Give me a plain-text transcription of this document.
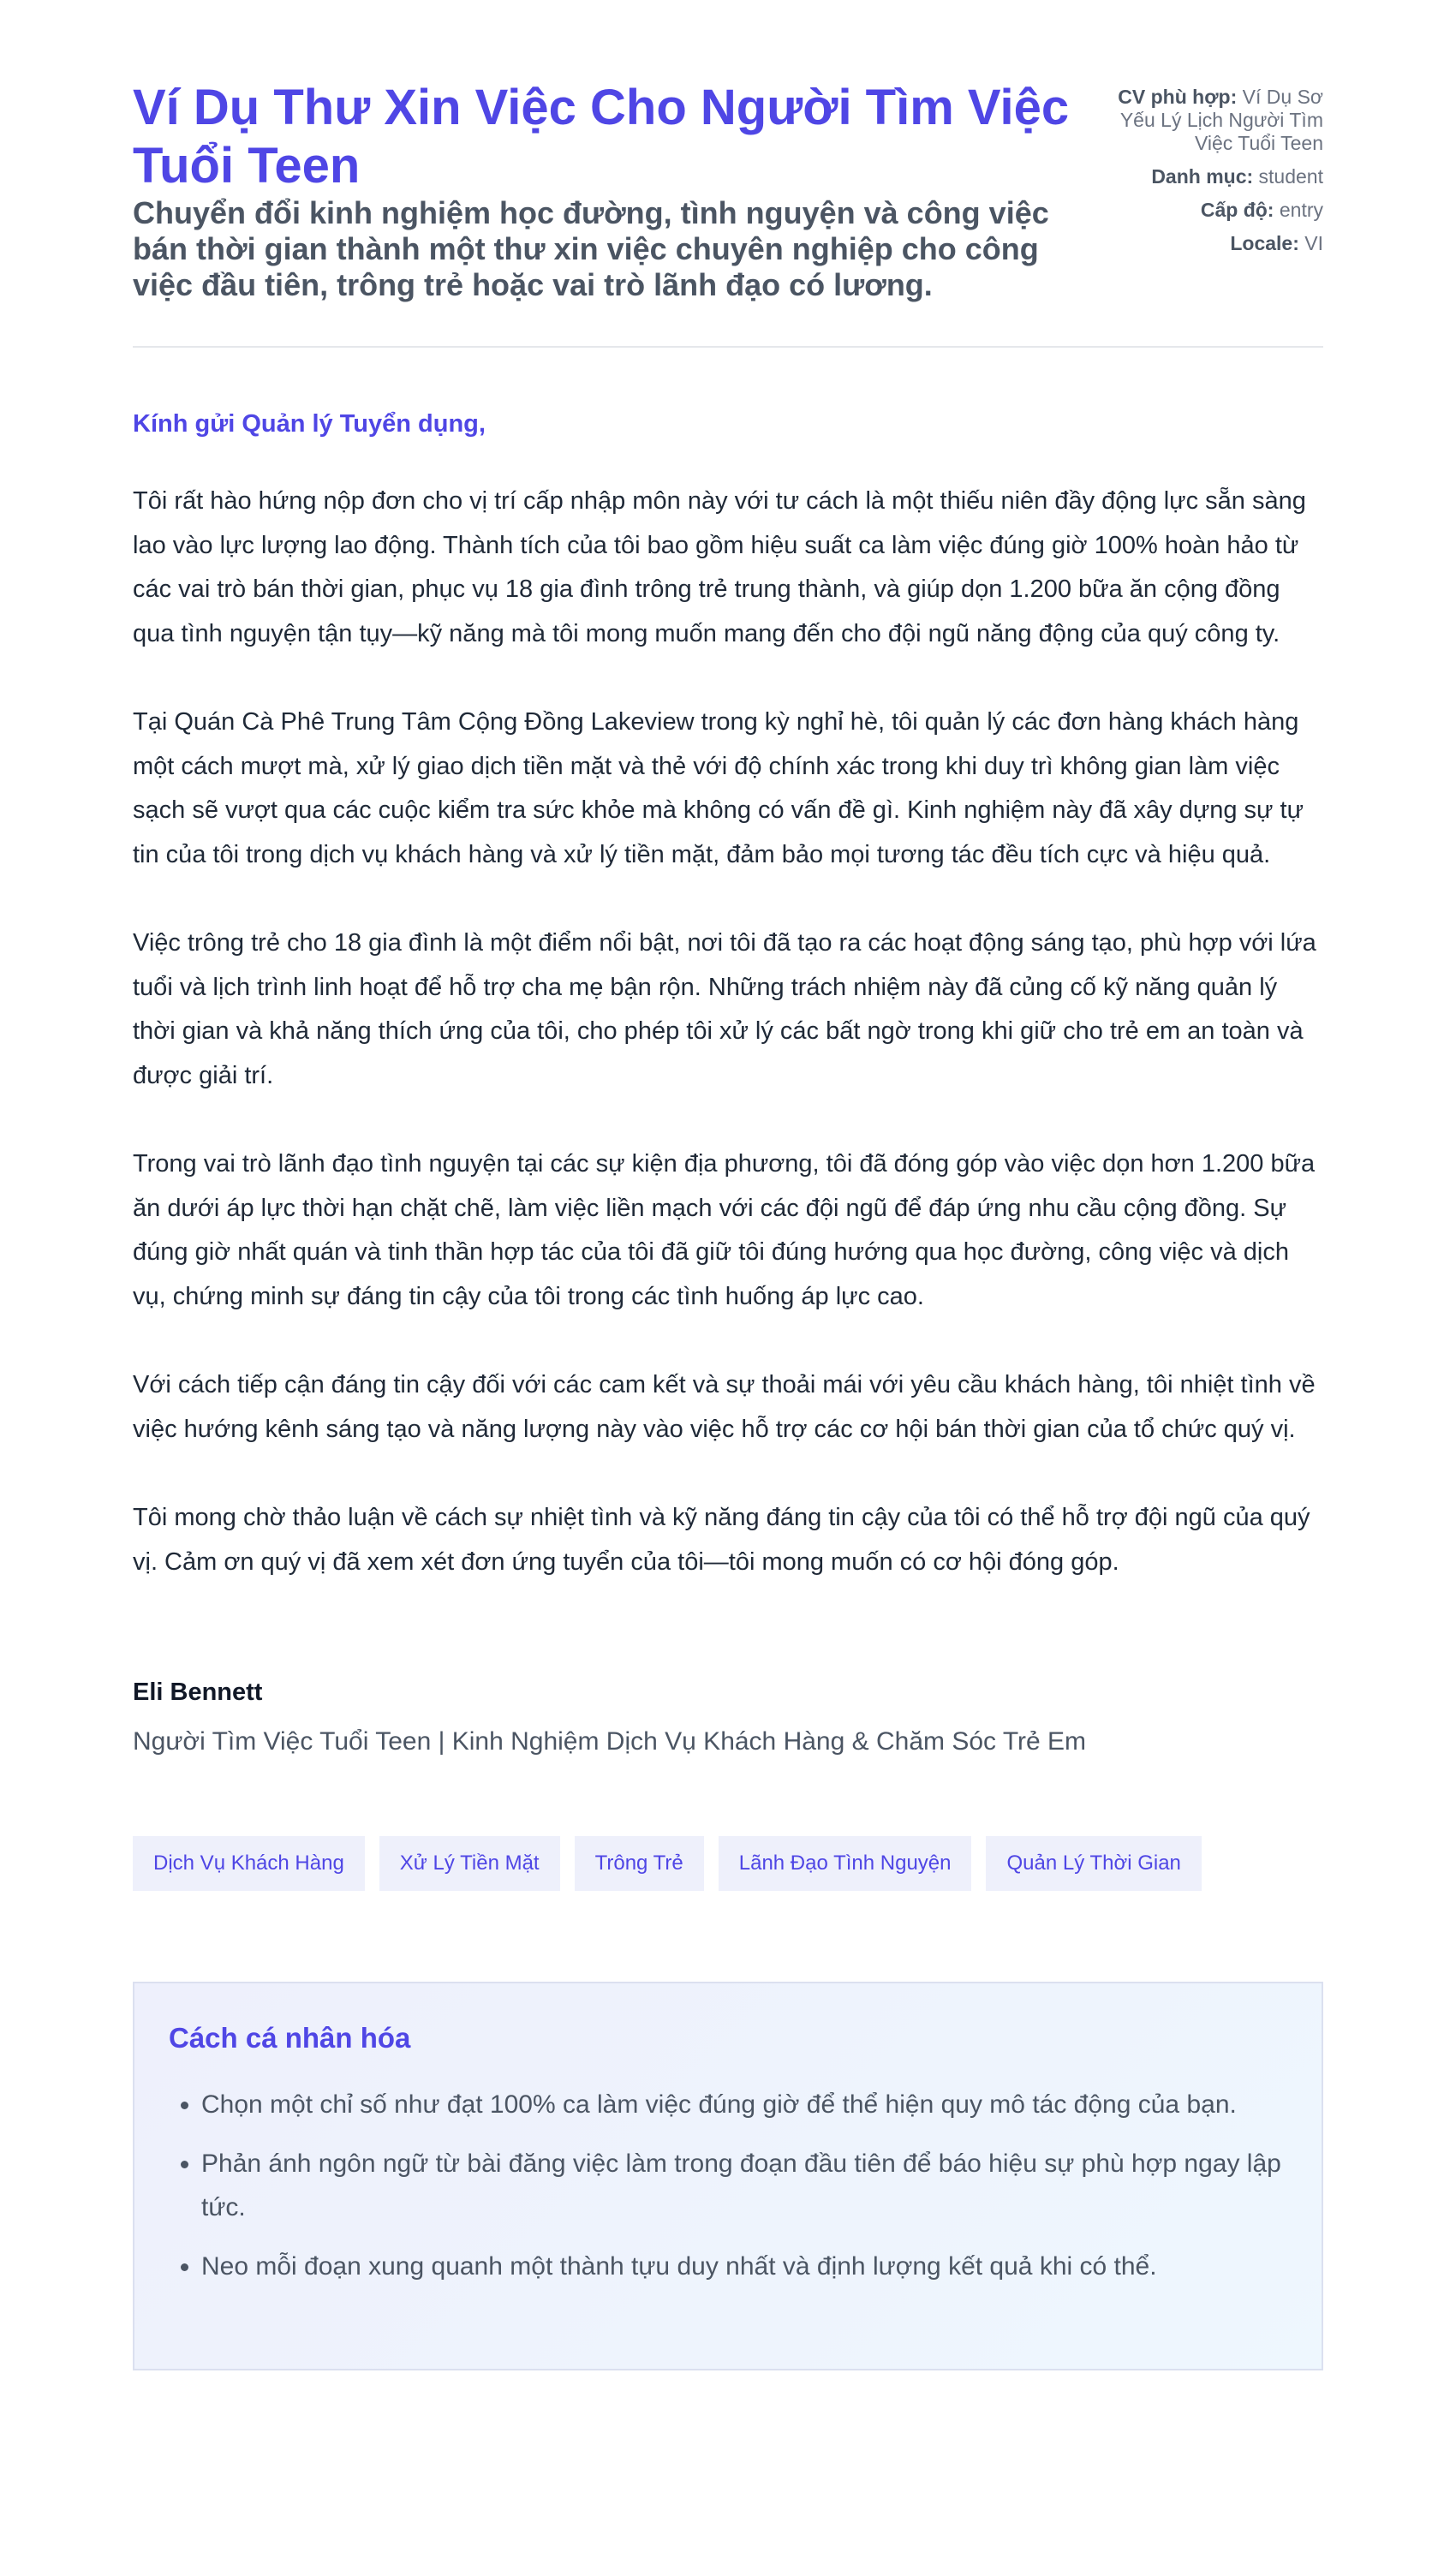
Ví Dụ Thư Xin Việc Cho Người Tìm Việc Tuổi Teen

Chuyển đổi kinh nghiệm học đường, tình nguyện và công việc bán thời gian thành một thư xin việc chuyên nghiệp cho công việc đầu tiên, trông trẻ hoặc vai trò lãnh đạo có lương.

CV phù hợp: Ví Dụ Sơ Yếu Lý Lịch Người Tìm Việc Tuổi Teen
Danh mục: student
Cấp độ: entry
Locale: VI

Kính gửi Quản lý Tuyển dụng,

Tôi rất hào hứng nộp đơn cho vị trí cấp nhập môn này với tư cách là một thiếu niên đầy động lực sẵn sàng lao vào lực lượng lao động. Thành tích của tôi bao gồm hiệu suất ca làm việc đúng giờ 100% hoàn hảo từ các vai trò bán thời gian, phục vụ 18 gia đình trông trẻ trung thành, và giúp dọn 1.200 bữa ăn cộng đồng qua tình nguyện tận tụy—kỹ năng mà tôi mong muốn mang đến cho đội ngũ năng động của quý công ty.

Tại Quán Cà Phê Trung Tâm Cộng Đồng Lakeview trong kỳ nghỉ hè, tôi quản lý các đơn hàng khách hàng một cách mượt mà, xử lý giao dịch tiền mặt và thẻ với độ chính xác trong khi duy trì không gian làm việc sạch sẽ vượt qua các cuộc kiểm tra sức khỏe mà không có vấn đề gì. Kinh nghiệm này đã xây dựng sự tự tin của tôi trong dịch vụ khách hàng và xử lý tiền mặt, đảm bảo mọi tương tác đều tích cực và hiệu quả.

Việc trông trẻ cho 18 gia đình là một điểm nổi bật, nơi tôi đã tạo ra các hoạt động sáng tạo, phù hợp với lứa tuổi và lịch trình linh hoạt để hỗ trợ cha mẹ bận rộn. Những trách nhiệm này đã củng cố kỹ năng quản lý thời gian và khả năng thích ứng của tôi, cho phép tôi xử lý các bất ngờ trong khi giữ cho trẻ em an toàn và được giải trí.

Trong vai trò lãnh đạo tình nguyện tại các sự kiện địa phương, tôi đã đóng góp vào việc dọn hơn 1.200 bữa ăn dưới áp lực thời hạn chặt chẽ, làm việc liền mạch với các đội ngũ để đáp ứng nhu cầu cộng đồng. Sự đúng giờ nhất quán và tinh thần hợp tác của tôi đã giữ tôi đúng hướng qua học đường, công việc và dịch vụ, chứng minh sự đáng tin cậy của tôi trong các tình huống áp lực cao.

Với cách tiếp cận đáng tin cậy đối với các cam kết và sự thoải mái với yêu cầu khách hàng, tôi nhiệt tình về việc hướng kênh sáng tạo và năng lượng này vào việc hỗ trợ các cơ hội bán thời gian của tổ chức quý vị.

Tôi mong chờ thảo luận về cách sự nhiệt tình và kỹ năng đáng tin cậy của tôi có thể hỗ trợ đội ngũ của quý vị. Cảm ơn quý vị đã xem xét đơn ứng tuyển của tôi—tôi mong muốn có cơ hội đóng góp.

Eli Bennett

Người Tìm Việc Tuổi Teen | Kinh Nghiệm Dịch Vụ Khách Hàng & Chăm Sóc Trẻ Em

Dịch Vụ Khách Hàng	Xử Lý Tiền Mặt	Trông Trẻ	Lãnh Đạo Tình Nguyện	Quản Lý Thời Gian
Cách cá nhân hóa
• Chọn một chỉ số như đạt 100% ca làm việc đúng giờ để thể hiện quy mô tác động của bạn.
• Phản ánh ngôn ngữ từ bài đăng việc làm trong đoạn đầu tiên để báo hiệu sự phù hợp ngay lập tức.
• Neo mỗi đoạn xung quanh một thành tựu duy nhất và định lượng kết quả khi có thể.
